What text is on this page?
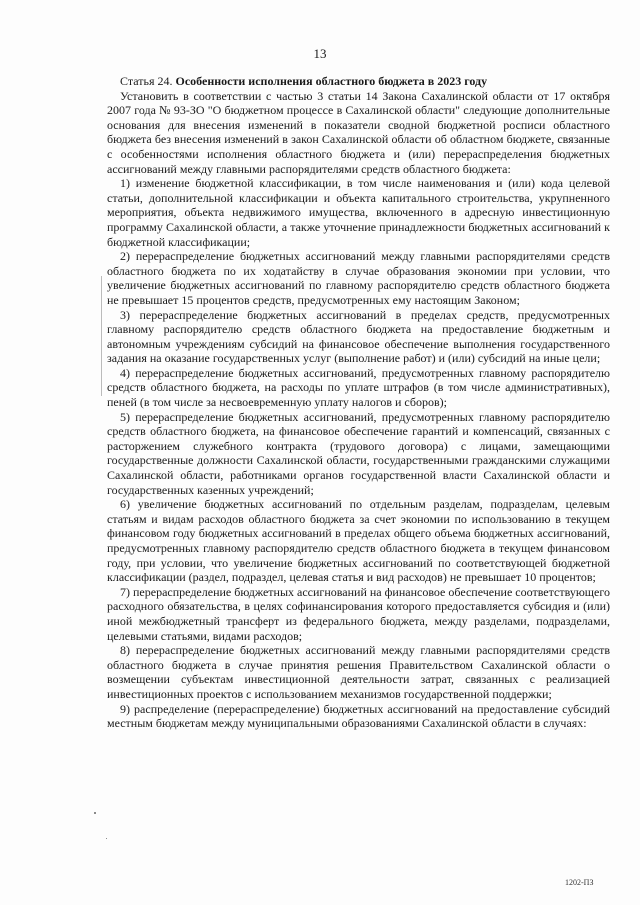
13

Статья 24. Особенности исполнения областного бюджета в 2023 году

Установить в соответствии с частью 3 статьи 14 Закона Сахалинской области от 17 октября 2007 года № 93-ЗО "О бюджетном процессе в Сахалинской области" следующие дополнительные основания для внесения изменений в показатели сводной бюджетной росписи областного бюджета без внесения изменений в закон Сахалинской области об областном бюджете, связанные с особенностями исполнения областного бюджета и (или) перераспределения бюджетных ассигнований между главными распорядителями средств областного бюджета:

1) изменение бюджетной классификации, в том числе наименования и (или) кода целевой статьи, дополнительной классификации и объекта капитального строительства, укрупненного мероприятия, объекта недвижимого имущества, включенного в адресную инвестиционную программу Сахалинской области, а также уточнение принадлежности бюджетных ассигнований к бюджетной классификации;

2) перераспределение бюджетных ассигнований между главными распорядителями средств областного бюджета по их ходатайству в случае образования экономии при условии, что увеличение бюджетных ассигнований по главному распорядителю средств областного бюджета не превышает 15 процентов средств, предусмотренных ему настоящим Законом;

3) перераспределение бюджетных ассигнований в пределах средств, предусмотренных главному распорядителю средств областного бюджета на предоставление бюджетным и автономным учреждениям субсидий на финансовое обеспечение выполнения государственного задания на оказание государственных услуг (выполнение работ) и (или) субсидий на иные цели;

4) перераспределение бюджетных ассигнований, предусмотренных главному распорядителю средств областного бюджета, на расходы по уплате штрафов (в том числе административных), пеней (в том числе за несвоевременную уплату налогов и сборов);

5) перераспределение бюджетных ассигнований, предусмотренных главному распорядителю средств областного бюджета, на финансовое обеспечение гарантий и компенсаций, связанных с расторжением служебного контракта (трудового договора) с лицами, замещающими государственные должности Сахалинской области, государственными гражданскими служащими Сахалинской области, работниками органов государственной власти Сахалинской области и государственных казенных учреждений;

6) увеличение бюджетных ассигнований по отдельным разделам, подразделам, целевым статьям и видам расходов областного бюджета за счет экономии по использованию в текущем финансовом году бюджетных ассигнований в пределах общего объема бюджетных ассигнований, предусмотренных главному распорядителю средств областного бюджета в текущем финансовом году, при условии, что увеличение бюджетных ассигнований по соответствующей бюджетной классификации (раздел, подраздел, целевая статья и вид расходов) не превышает 10 процентов;

7) перераспределение бюджетных ассигнований на финансовое обеспечение соответствующего расходного обязательства, в целях софинансирования которого предоставляется субсидия и (или) иной межбюджетный трансферт из федерального бюджета, между разделами, подразделами, целевыми статьями, видами расходов;

8) перераспределение бюджетных ассигнований между главными распорядителями средств областного бюджета в случае принятия решения Правительством Сахалинской области о возмещении субъектам инвестиционной деятельности затрат, связанных с реализацией инвестиционных проектов с использованием механизмов государственной поддержки;

9) распределение (перераспределение) бюджетных ассигнований на предоставление субсидий местным бюджетам между муниципальными образованиями Сахалинской области в случаях:

1202-ПЗ
